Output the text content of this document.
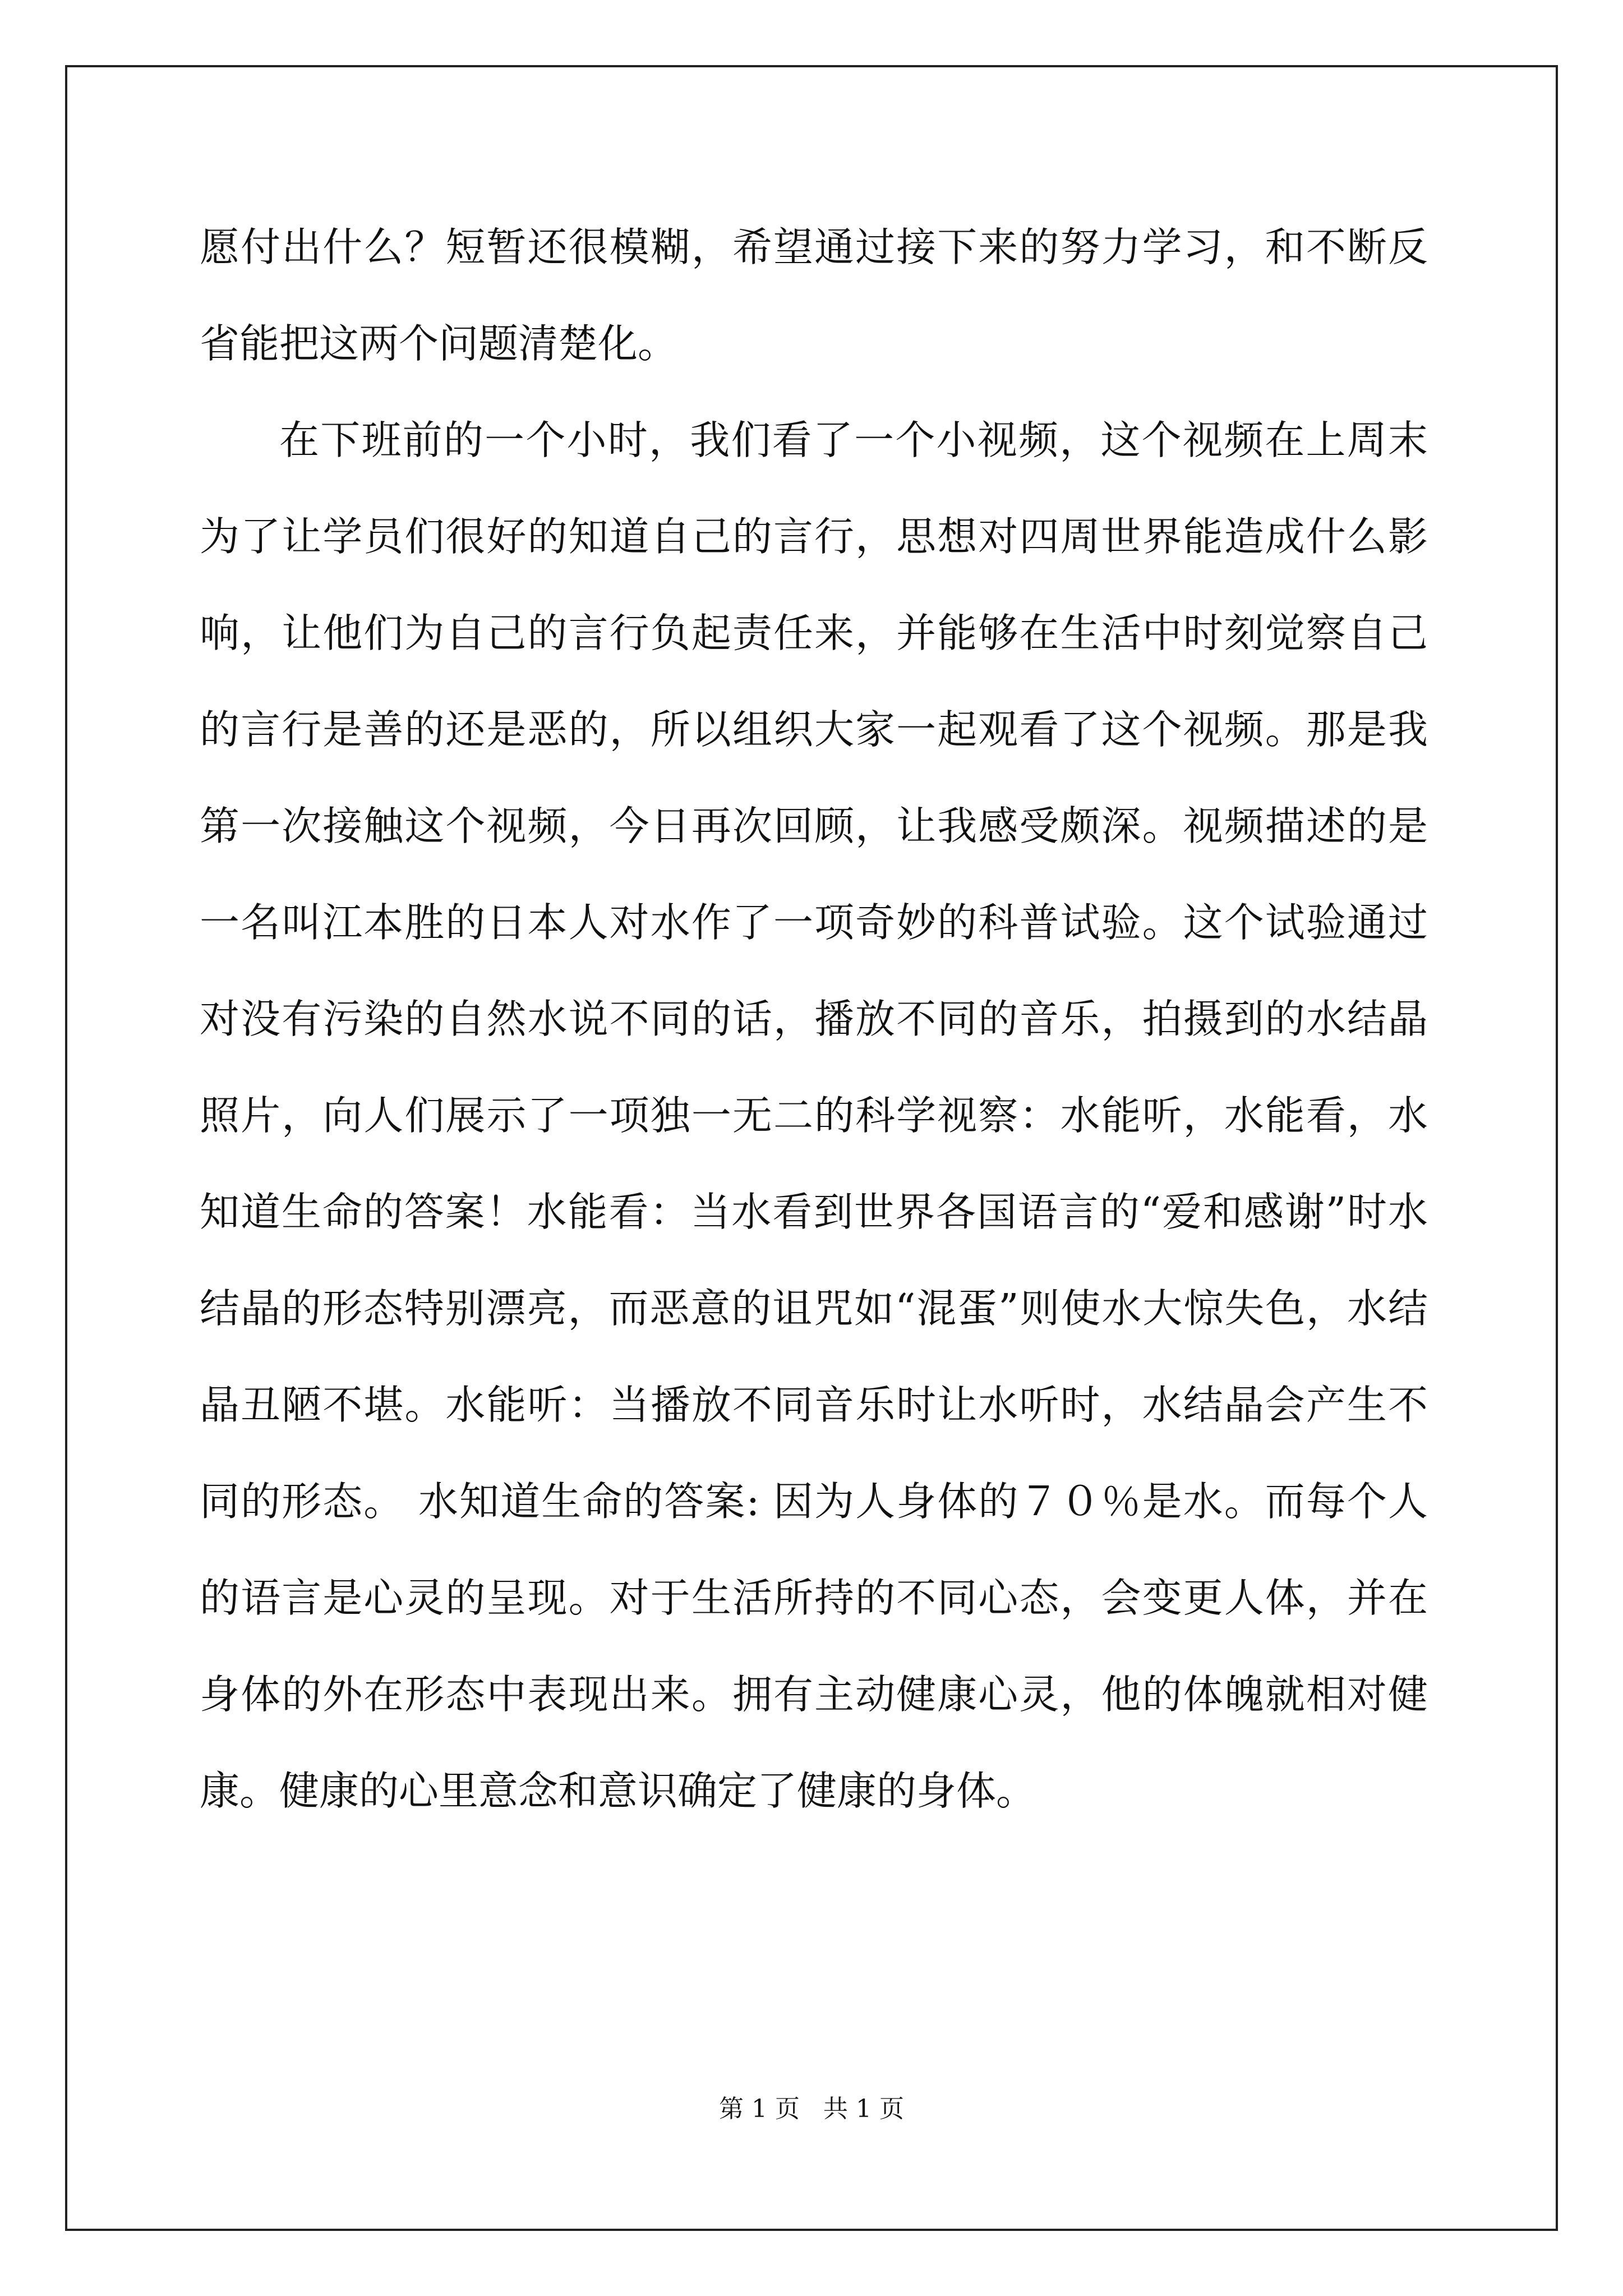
愿付出什么？短暂还很模糊，希望通过接下来的努力学习，和不断反省能把这两个问题清楚化。

在下班前的一个小时，我们看了一个小视频，这个视频在上周末为了让学员们很好的知道自己的言行，思想对四周世界能造成什么影响，让他们为自己的言行负起责任来，并能够在生活中时刻觉察自己的言行是善的还是恶的，所以组织大家一起观看了这个视频。那是我第一次接触这个视频，今日再次回顾，让我感受颇深。视频描述的是一名叫江本胜的日本人对水作了一项奇妙的科普试验。这个试验通过对没有污染的自然水说不同的话，播放不同的音乐，拍摄到的水结晶照片，向人们展示了一项独一无二的科学视察：水能听，水能看，水知道生命的答案！水能看：当水看到世界各国语言的“爱和感谢”时水结晶的形态特别漂亮，而恶意的诅咒如“混蛋”则使水大惊失色，水结晶丑陋不堪。水能听：当播放不同音乐时让水听时，水结晶会产生不同的形态。 水知道生命的答案: 因为人身体的７０％是水。而每个人的语言是心灵的呈现。对于生活所持的不同心态，会变更人体，并在身体的外在形态中表现出来。拥有主动健康心灵，他的体魄就相对健康。健康的心里意念和意识确定了健康的身体。

第 1 页   共 1 页
